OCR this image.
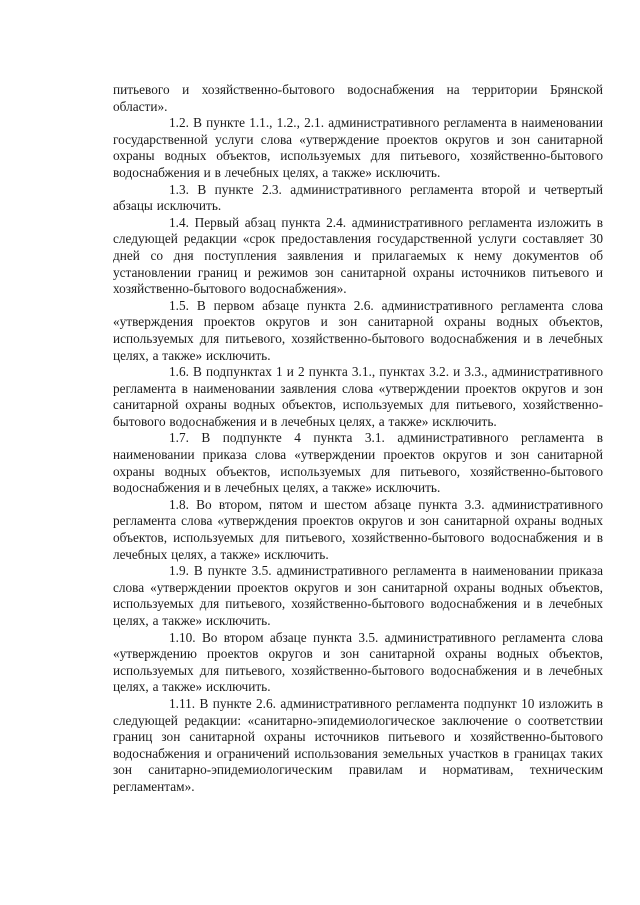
питьевого и хозяйственно-бытового водоснабжения на территории Брянской области».

1.2. В пункте 1.1., 1.2., 2.1. административного регламента в наименовании государственной услуги слова «утверждение проектов округов и зон санитарной охраны водных объектов, используемых для питьевого, хозяйственно-бытового водоснабжения и в лечебных целях, а также» исключить.

1.3. В пункте 2.3. административного регламента второй и четвертый абзацы исключить.

1.4. Первый абзац пункта 2.4. административного регламента изложить в следующей редакции «срок предоставления государственной услуги составляет 30 дней со дня поступления заявления и прилагаемых к нему документов об установлении границ и режимов зон санитарной охраны источников питьевого и хозяйственно-бытового водоснабжения».

1.5. В первом абзаце пункта 2.6. административного регламента слова «утверждения проектов округов и зон санитарной охраны водных объектов, используемых для питьевого, хозяйственно-бытового водоснабжения и в лечебных целях, а также» исключить.

1.6. В подпунктах 1 и 2 пункта 3.1., пунктах 3.2. и 3.3., административного регламента в наименовании заявления слова «утверждении проектов округов и зон санитарной охраны водных объектов, используемых для питьевого, хозяйственно-бытового водоснабжения и в лечебных целях, а также» исключить.

1.7. В подпункте 4 пункта 3.1. административного регламента в наименовании приказа слова «утверждении проектов округов и зон санитарной охраны водных объектов, используемых для питьевого, хозяйственно-бытового водоснабжения и в лечебных целях, а также» исключить.

1.8. Во втором, пятом и шестом абзаце пункта 3.3. административного регламента слова «утверждения проектов округов и зон санитарной охраны водных объектов, используемых для питьевого, хозяйственно-бытового водоснабжения и в лечебных целях, а также» исключить.

1.9. В пункте 3.5. административного регламента в наименовании приказа слова «утверждении проектов округов и зон санитарной охраны водных объектов, используемых для питьевого, хозяйственно-бытового водоснабжения и в лечебных целях, а также» исключить.

1.10. Во втором абзаце пункта 3.5. административного регламента слова «утверждению проектов округов и зон санитарной охраны водных объектов, используемых для питьевого, хозяйственно-бытового водоснабжения и в лечебных целях, а также» исключить.

1.11. В пункте 2.6. административного регламента подпункт 10 изложить в следующей редакции: «санитарно-эпидемиологическое заключение о соответствии границ зон санитарной охраны источников питьевого и хозяйственно-бытового водоснабжения и ограничений использования земельных участков в границах таких зон санитарно-эпидемиологическим правилам и нормативам, техническим регламентам».
